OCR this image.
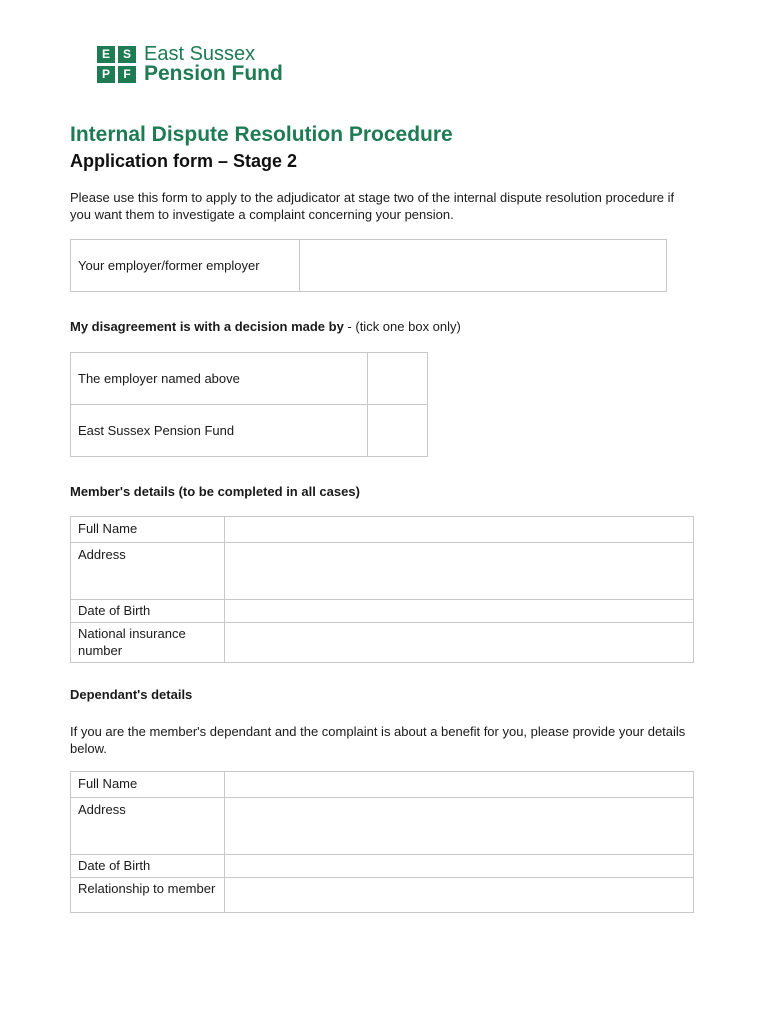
E	S
P	F
East Sussex
Pension Fund
Internal Dispute Resolution Procedure
Application form – Stage 2

Please use this form to apply to the adjudicator at stage two of the internal dispute resolution procedure if you want them to investigate a complaint concerning your pension.

Your employer/former employer	
My disagreement is with a decision made by - (tick one box only)
The employer named above	
East Sussex Pension Fund	
Member's details (to be completed in all cases)
Full Name	
Address	
Date of Birth	
National insurance number	
Dependant's details

If you are the member's dependant and the complaint is about a benefit for you, please provide your details below.

Full Name	
Address	
Date of Birth	
Relationship to member	
